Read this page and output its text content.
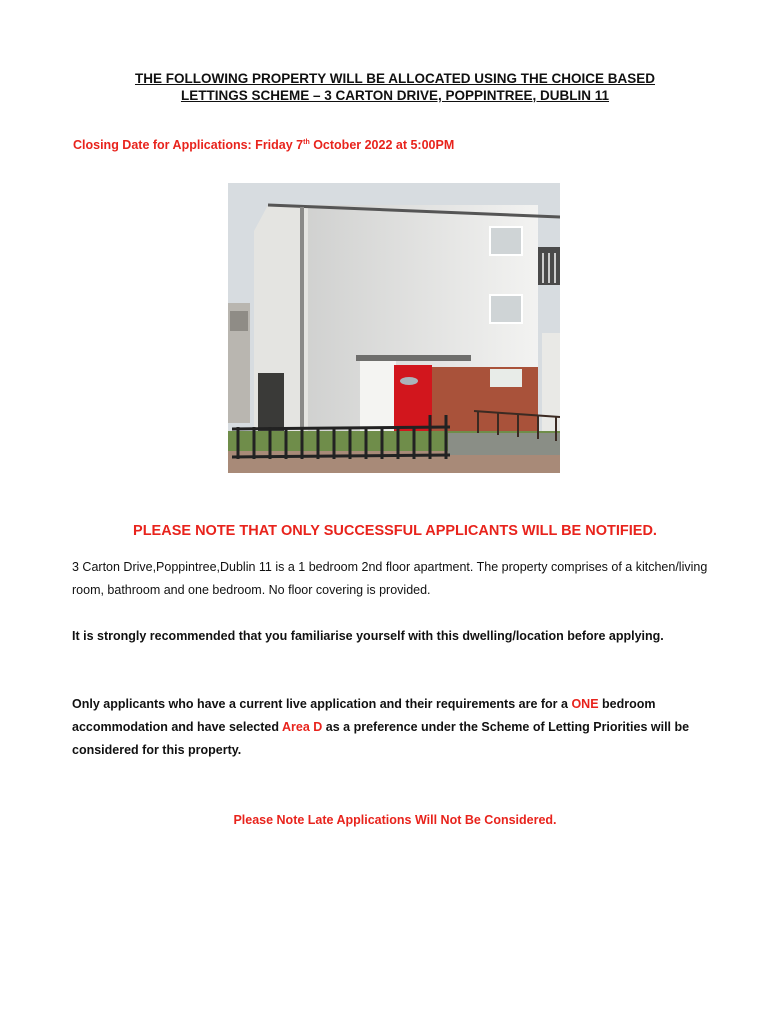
THE FOLLOWING PROPERTY WILL BE ALLOCATED USING THE CHOICE BASED
LETTINGS SCHEME – 3 CARTON DRIVE, POPPINTREE, DUBLIN 11
Closing Date for Applications: Friday 7th October 2022 at 5:00PM
PLEASE NOTE THAT ONLY SUCCESSFUL APPLICANTS WILL BE NOTIFIED.
3 Carton Drive,Poppintree,Dublin 11 is a 1 bedroom 2nd floor apartment. The property comprises of a kitchen/living room, bathroom and one bedroom. No floor covering is provided.
It is strongly recommended that you familiarise yourself with this dwelling/location before applying.
Only applicants who have a current live application and their requirements are for a ONE bedroom accommodation and have selected Area D as a preference under the Scheme of Letting Priorities will be considered for this property.
Please Note Late Applications Will Not Be Considered.
